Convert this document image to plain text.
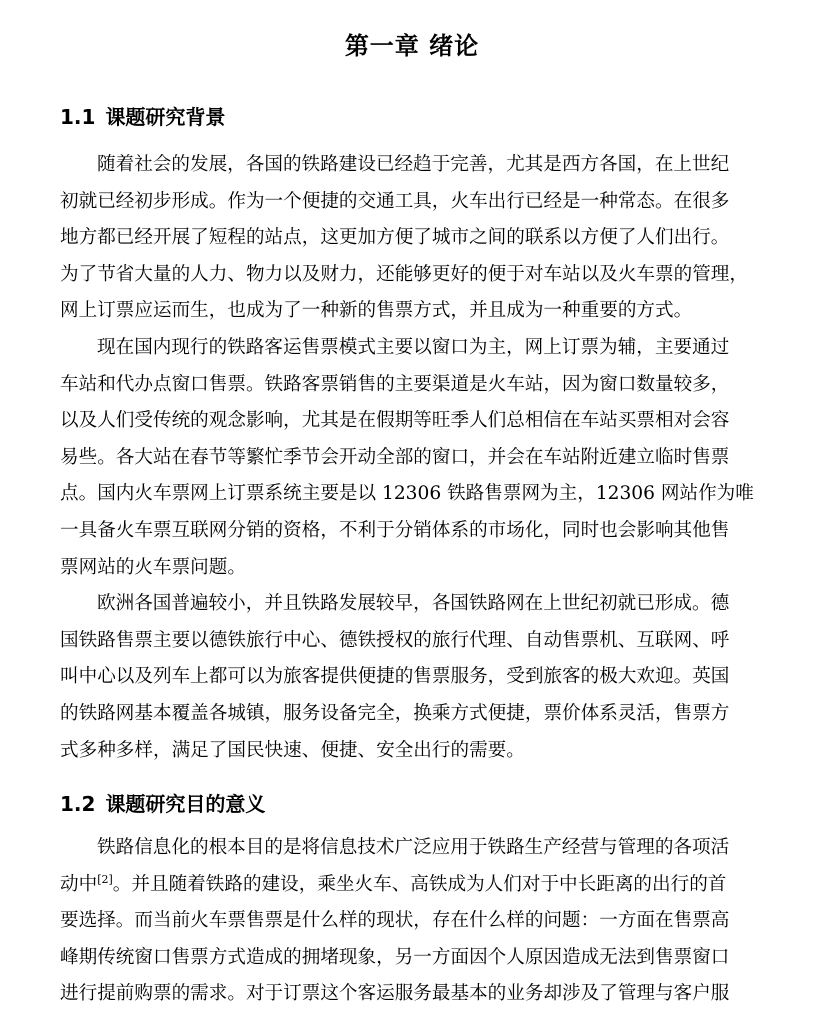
第一章 绪论
1.1 课题研究背景
随着社会的发展，各国的铁路建设已经趋于完善，尤其是西方各国，在上世纪
初就已经初步形成。作为一个便捷的交通工具，火车出行已经是一种常态。在很多
地方都已经开展了短程的站点，这更加方便了城市之间的联系以方便了人们出行。
为了节省大量的人力、物力以及财力，还能够更好的便于对车站以及火车票的管理，
网上订票应运而生，也成为了一种新的售票方式，并且成为一种重要的方式。
现在国内现行的铁路客运售票模式主要以窗口为主，网上订票为辅，主要通过
车站和代办点窗口售票。铁路客票销售的主要渠道是火车站，因为窗口数量较多，
以及人们受传统的观念影响，尤其是在假期等旺季人们总相信在车站买票相对会容
易些。各大站在春节等繁忙季节会开动全部的窗口，并会在车站附近建立临时售票
点。国内火车票网上订票系统主要是以 12306 铁路售票网为主，12306 网站作为唯
一具备火车票互联网分销的资格，不利于分销体系的市场化，同时也会影响其他售
票网站的火车票问题。
欧洲各国普遍较小，并且铁路发展较早，各国铁路网在上世纪初就已形成。德
国铁路售票主要以德铁旅行中心、德铁授权的旅行代理、自动售票机、互联网、呼
叫中心以及列车上都可以为旅客提供便捷的售票服务，受到旅客的极大欢迎。英国
的铁路网基本覆盖各城镇，服务设备完全，换乘方式便捷，票价体系灵活，售票方
式多种多样，满足了国民快速、便捷、安全出行的需要。
1.2 课题研究目的意义
铁路信息化的根本目的是将信息技术广泛应用于铁路生产经营与管理的各项活
动中[2]。并且随着铁路的建设，乘坐火车、高铁成为人们对于中长距离的出行的首
要选择。而当前火车票售票是什么样的现状，存在什么样的问题：一方面在售票高
峰期传统窗口售票方式造成的拥堵现象，另一方面因个人原因造成无法到售票窗口
进行提前购票的需求。对于订票这个客运服务最基本的业务却涉及了管理与客户服
